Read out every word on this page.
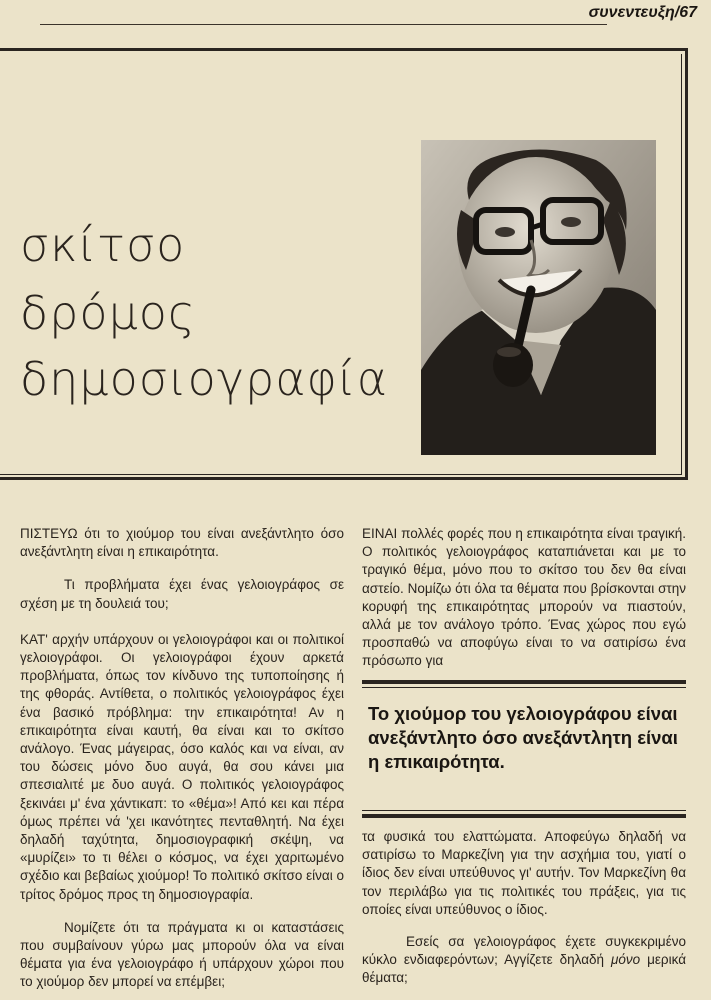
συνεντευξη/67
σκίτσο
δρόμος
δημοσιογραφία

ΠΙΣΤΕΥΩ ότι το χιούμορ του είναι ανεξάντλητο όσο ανεξάντλητη είναι η επικαιρότητα.

Τι προβλήματα έχει ένας γελοιογράφος σε σχέση με τη δουλειά του;

ΚΑΤ' αρχήν υπάρχουν οι γελοιογράφοι και οι πολιτικοί γελοιογράφοι. Οι γελοιογράφοι έχουν αρκετά προβλήματα, όπως τον κίνδυνο της τυποποίησης ή της φθοράς. Αντίθετα, ο πολιτικός γελοιογράφος έχει ένα βασικό πρόβλημα: την επικαιρότητα! Αν η επικαιρότητα είναι καυτή, θα είναι και το σκίτσο ανάλογο. Ένας μάγειρας, όσο καλός και να είναι, αν του δώσεις μόνο δυο αυγά, θα σου κάνει μια σπεσιαλιτέ με δυο αυγά. Ο πολιτικός γελοιογράφος ξεκινάει μ' ένα χάντικαπ: το «θέμα»! Από κει και πέρα όμως πρέπει νά 'χει ικανότητες πενταθλητή. Να έχει δηλαδή ταχύτητα, δημοσιογραφική σκέψη, να «μυρίζει» το τι θέλει ο κόσμος, να έχει χαριτωμένο σχέδιο και βεβαίως χιούμορ! Το πολιτικό σκίτσο είναι ο τρίτος δρόμος προς τη δημοσιογραφία.

Νομίζετε ότι τα πράγματα κι οι καταστάσεις που συμβαίνουν γύρω μας μπορούν όλα να είναι θέματα για ένα γελοιογράφο ή υπάρχουν χώροι που το χιούμορ δεν μπορεί να επέμβει;

ΕΙΝΑΙ πολλές φορές που η επικαιρότητα είναι τραγική. Ο πολιτικός γελοιογράφος καταπιάνεται και με το τραγικό θέμα, μόνο που το σκίτσο του δεν θα είναι αστείο. Νομίζω ότι όλα τα θέματα που βρίσκονται στην κορυφή της επικαιρότητας μπορούν να πιαστούν, αλλά με τον ανάλογο τρόπο. Ένας χώρος που εγώ προσπαθώ να αποφύγω είναι το να σατιρίσω ένα πρόσωπο για

Το χιούμορ του γελοιογράφου είναι ανεξάντλητο όσο ανεξάντλητη είναι η επικαιρότητα.

τα φυσικά του ελαττώματα. Αποφεύγω δηλαδή να σατιρίσω το Μαρκεζίνη για την ασχήμια του, γιατί ο ίδιος δεν είναι υπεύθυνος γι' αυτήν. Τον Μαρκεζίνη θα τον περιλάβω για τις πολιτικές του πράξεις, για τις οποίες είναι υπεύθυνος ο ίδιος.

Εσείς σα γελοιογράφος έχετε συγκεκριμένο κύκλο ενδιαφερόντων; Αγγίζετε δηλαδή μόνο μερικά θέματα;
